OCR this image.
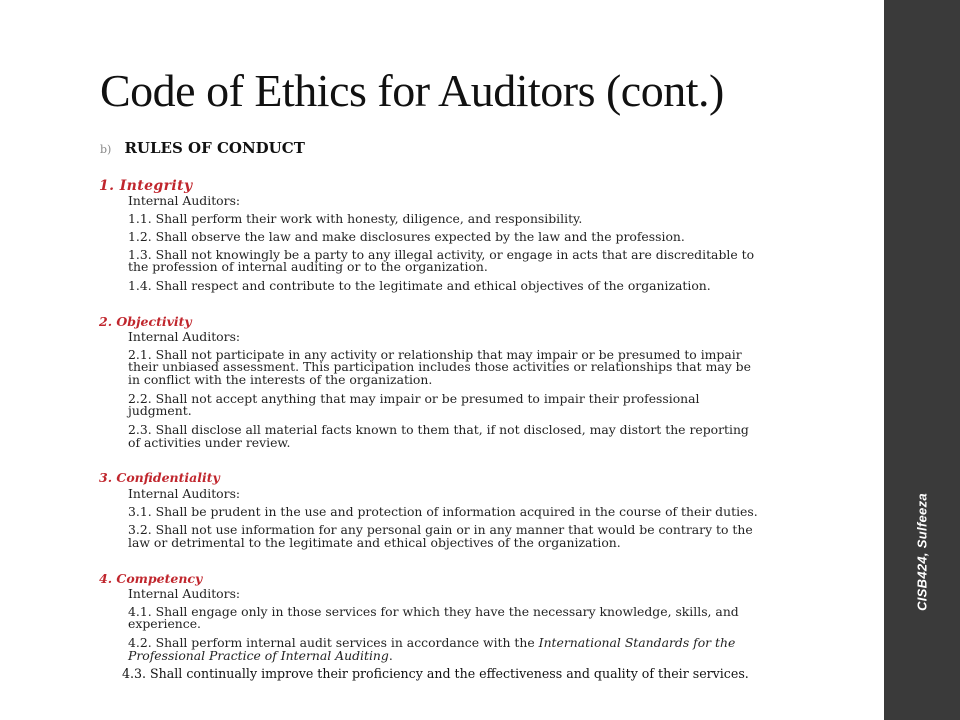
CISB424, Sulfeeza
Code of Ethics for Auditors (cont.)
b) RULES OF CONDUCT
1. Integrity
Internal Auditors:
1.1. Shall perform their work with honesty, diligence, and responsibility.
1.2. Shall observe the law and make disclosures expected by the law and the profession.
1.3. Shall not knowingly be a party to any illegal activity, or engage in acts that are discreditable to
the profession of internal auditing or to the organization.
1.4. Shall respect and contribute to the legitimate and ethical objectives of the organization.
2. Objectivity
Internal Auditors:
2.1. Shall not participate in any activity or relationship that may impair or be presumed to impair
their unbiased assessment. This participation includes those activities or relationships that may be
in conflict with the interests of the organization.
2.2. Shall not accept anything that may impair or be presumed to impair their professional
judgment.
2.3. Shall disclose all material facts known to them that, if not disclosed, may distort the reporting
of activities under review.
3. Confidentiality
Internal Auditors:
3.1. Shall be prudent in the use and protection of information acquired in the course of their duties.
3.2. Shall not use information for any personal gain or in any manner that would be contrary to the
law or detrimental to the legitimate and ethical objectives of the organization.
4. Competency
Internal Auditors:
4.1. Shall engage only in those services for which they have the necessary knowledge, skills, and
experience.
4.2. Shall perform internal audit services in accordance with the International Standards for the
Professional Practice of Internal Auditing.
4.3. Shall continually improve their proficiency and the effectiveness and quality of their services.
